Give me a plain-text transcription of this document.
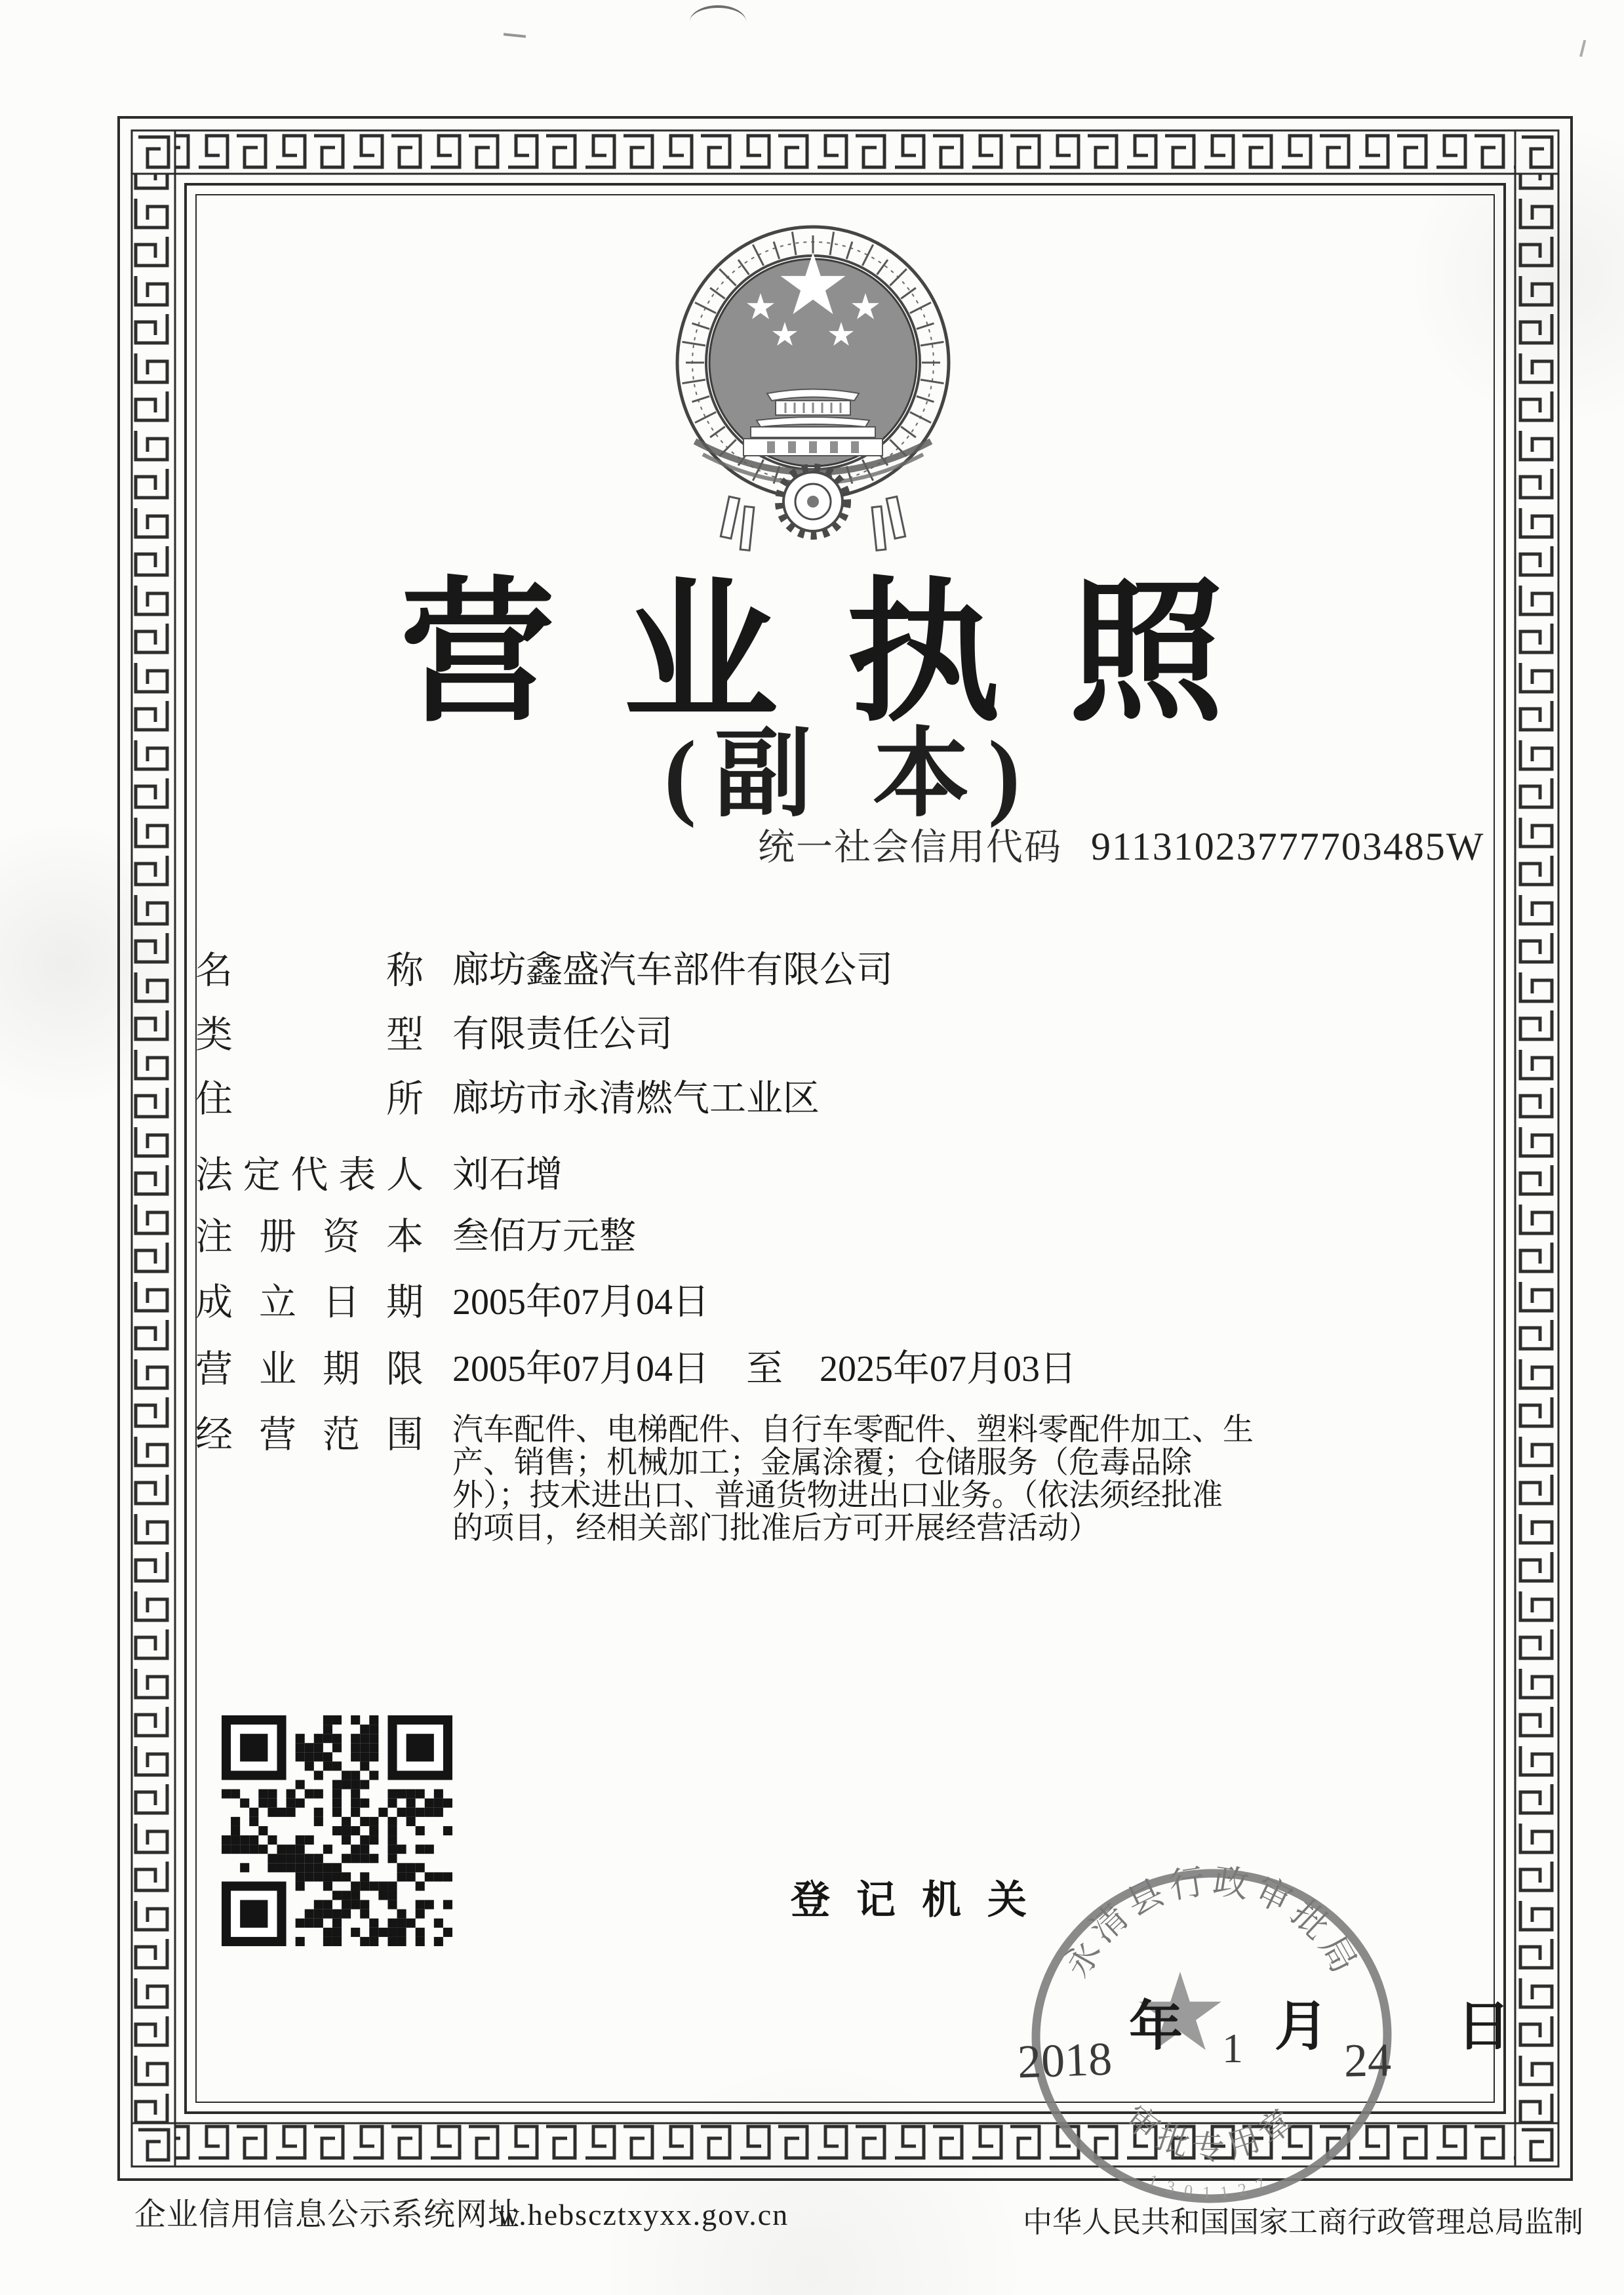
营业执照
(副 本)
统一社会信用代码 91131023777703485W
名	称 廊坊鑫盛汽车部件有限公司
类	型 有限责任公司
住	所 廊坊市永清燃气工业区
法 定 代 表 人 刘石增
注 册 资 本 叁佰万元整
成 立 日 期 2005年07月04日
营 业 期 限 2005年07月04日　至　2025年07月03日
经 营 范 围 汽车配件、电梯配件、自行车零配件、塑料零配件加工、生
产、销售；机械加工；金属涂覆；仓储服务（危毒品除
外）；技术进出口、普通货物进出口业务。（依法须经批准
的项目，经相关部门批准后方可开展经营活动）
登记机关
永清县行政审批局
审批专用章
1301127
2018
年 1 月
24
日
企业信用信息公示系统网址w.hebscztxyxx.gov.cn	中华人民共和国国家工商行政管理总局监制
